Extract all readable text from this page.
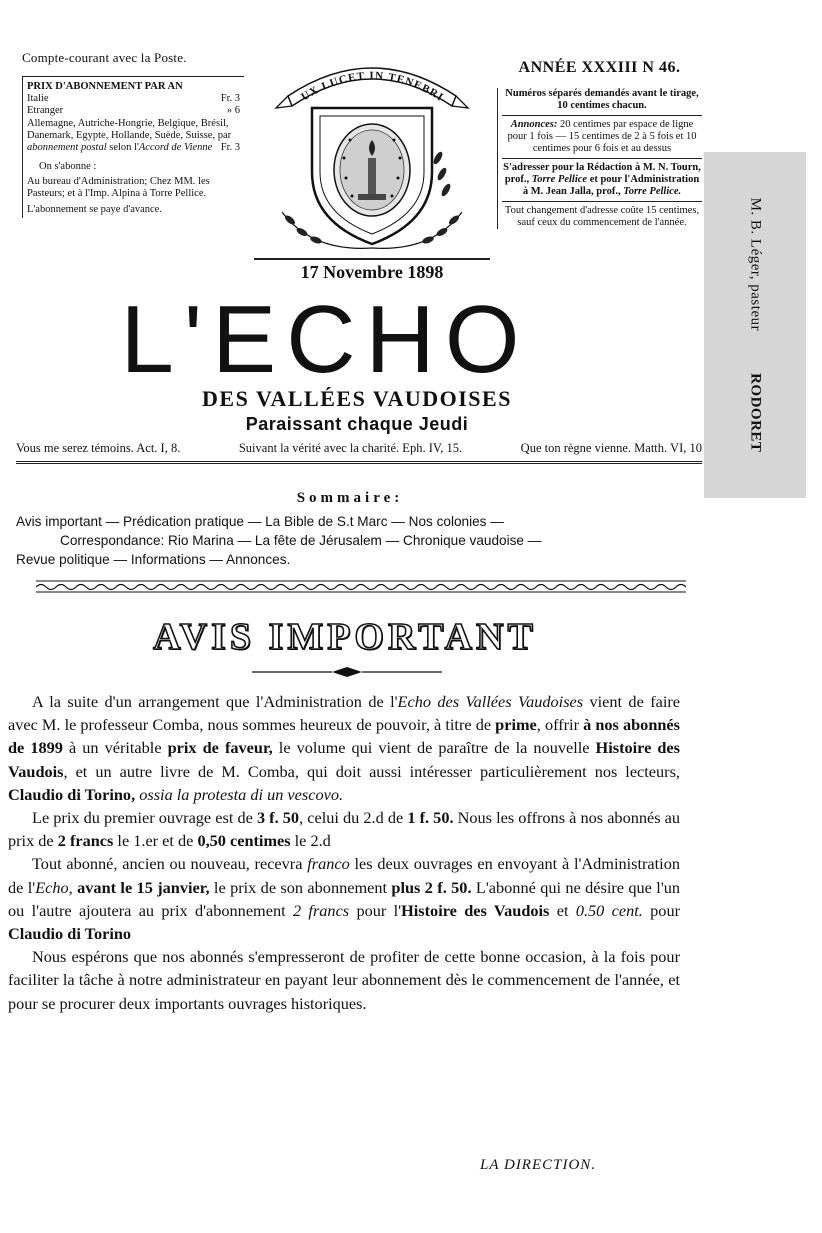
Compte-courant avec la Poste.
PRIX D'ABONNEMENT PAR AN
Italie	Fr. 3
Etranger	» 6
Allemagne, Autriche-Hongrie, Belgique, Brésil, Danemark, Egypte, Hollande, Suède, Suisse, par abonnement postal selon l'Accord de Vienne Fr. 3
On s'abonne :
Au bureau d'Administration; Chez MM. les Pasteurs; et à l'Imp. Alpina à Torre Pellice.
L'abonnement se paye d'avance.
UX LUCET IN TENEBRI
17 Novembre 1898
ANNÉE XXXIII N 46.
Numéros séparés demandés avant le tirage, 10 centimes chacun.
Annonces: 20 centimes par espace de ligne pour 1 fois — 15 centimes de 2 à 5 fois et 10 centimes pour 6 fois et au dessus
S'adresser pour la Rédaction à M. N. Tourn, prof., Torre Pellice et pour l'Administration à M. Jean Jalla, prof., Torre Pellice.
Tout changement d'adresse coûte 15 centimes, sauf ceux du commencement de l'année.	M. B. Léger, pasteurRODORET
L'ECHO
DES VALLÉES VAUDOISES
Paraissant chaque Jeudi
Vous me serez témoins. Act. I, 8.	Suivant la vérité avec la charité. Eph. IV, 15.	Que ton règne vienne. Matth. VI, 10
Sommaire:
Avis important — Prédication pratique — La Bible de S.t Marc — Nos colonies —
Correspondance: Rio Marina — La fête de Jérusalem — Chronique vaudoise —
Revue politique — Informations — Annonces.
AVIS IMPORTANT

A la suite d'un arrangement que l'Administration de l'Echo des Vallées Vaudoises vient de faire avec M. le professeur Comba, nous sommes heureux de pouvoir, à titre de prime, offrir à nos abonnés de 1899 à un véritable prix de faveur, le volume qui vient de paraître de la nouvelle Histoire des Vaudois, et un autre livre de M. Comba, qui doit aussi intéresser particulièrement nos lecteurs, Claudio di Torino, ossia la protesta di un vescovo.

Le prix du premier ouvrage est de 3 f. 50, celui du 2.d de 1 f. 50. Nous les offrons à nos abonnés au prix de 2 francs le 1.er et de 0,50 centimes le 2.d

Tout abonné, ancien ou nouveau, recevra franco les deux ouvrages en envoyant à l'Administration de l'Echo, avant le 15 janvier, le prix de son abonnement plus 2 f. 50. L'abonné qui ne désire que l'un ou l'autre ajoutera au prix d'abonnement 2 francs pour l'Histoire des Vaudois et 0.50 cent. pour Claudio di Torino

Nous espérons que nos abonnés s'empresseront de profiter de cette bonne occasion, à la fois pour faciliter la tâche à notre administrateur en payant leur abonnement dès le commencement de l'année, et pour se procurer deux importants ouvrages historiques.

LA DIRECTION.
